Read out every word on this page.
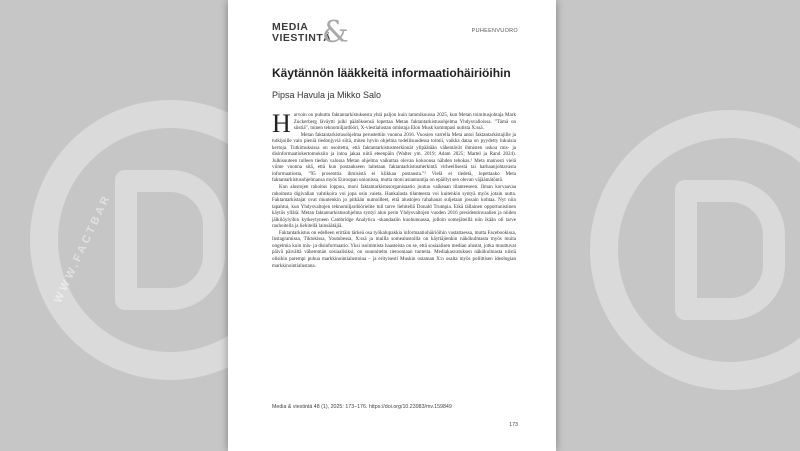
WWW.FACTBAR
MEDIA
VIESTINTÄ
&	PUHEENVUORO
Käytännön lääkkeitä informaatiohäiriöihin
Pipsa Havula ja Mikko Salo

Harvoin on puhuttu faktantarkistuksesta yhtä paljon kuin tammikuussa 2025, kun Metan toimitusjohtaja Mark Zuckerberg läväytti julki päätöksensä lopettaa Metan faktantarkistusohjelma Yhdysvalloissa. ”Tämä on siistiä”, toinen teknomiljardööri, X-viestialustan omistaja Elon Musk kommpasi uutista X:ssä.

Metan faktantarkistusohjelma perustettiin vuonna 2016. Vuosien varrella Meta antoi faktantarkistajille ja tutkijoille vain pieniä tiedonjyviä siitä, miten hyvin ohjelma todellisuudessa toimii, vaikka dataa on pyydetty lukuisia kertoja. Tutkimuksissa on osoitettu, että faktantarkistusmerkinnät ylipäätään vähentävät ihmisten uskoa mis- ja disinformaatiokertomuksiin ja intoa jakaa niitä eteenpäin (Walter ym. 2019; Adam 2025; Martel ja Rand 2024). Julkisuuteen tulleen tiedon valossa Metan ohjelma vaikuttaa olevan kokoonsa nähden tehokas.¹ Meta mainosti vielä viime vuonna sitä, että kun postaukseen laitetaan faktantarkistusmerkintä virheellisestä tai harhaanjohtavasta informaatiosta, ”95 prosenttia ihmisistä ei klikkaa postausta.”² Vielä ei tiedetä, lopettaako Meta faktantarkistusohjelmansa myös Euroopan unionissa, mutta moni asiantuntija on epäillyt sen olevan väjäämätöntä.

Kun alustojen rahoitus loppuu, moni faktantarkistusorganisaatio joutuu vaikeaan tilanteeseen. Ilman korvaavaa rahoitusta digivallan vahtikoira voi jopa osin vaieta. Hankalasta tilanteesta voi kuitenkin syntyä myös jotain uutta. Faktantarkistajat ovat muutenkin jo pitkään uumoilleet, että alustojen rahahanat suljetaan jossain kohtaa. Nyt niin tapahtui, kun Yhdysvaltojen teknomiljardöörielite tuli tarve liehitellä Donald Trumpia. Eikä tällainen opportunistinen käytös yllätä: Metan faktantarkistusohjelma syntyi alun perin Yhdysvaltojen vuoden 2016 presidentinvaalien ja niiden jälkilöylyihin kytkeytyneen Cambridge Analytica -skandaalin kuohunnassa, jolloin somejäteillä niin ikään oli tarve rauhoitella ja liehitellä lainsäätäjiä.

Faktantarkistus on edelleen erittäin tärkeä osa työkalupakkia informaatiohäiriöihin vastattaessa, mutta Facebookissa, Instagramissa, Tiktokissa, Youtubessa, X:ssä ja muilla somealustoilla on käyttäjienkin näkökulmasta myös muita ongelmia kuin mis- ja disinformaatio. Yksi isoimmista haasteista on se, että sosiaalisen median alustat, jotka muuttuvat päivä päivältä vähemmän sosiaalisiksi, on suunniteltu tietoomaan tunteita. Mediakasvatuksen näkökulmasta niistä olisikin parempi puhua markkinointialustoina – ja erityisesti Muskin ostaman X:n osalta myös poliittisen ideologian markkinointialustana.

Media & viestintä 48 (1), 2025: 173–176. https://doi.org/10.23983/mv.159849
173
